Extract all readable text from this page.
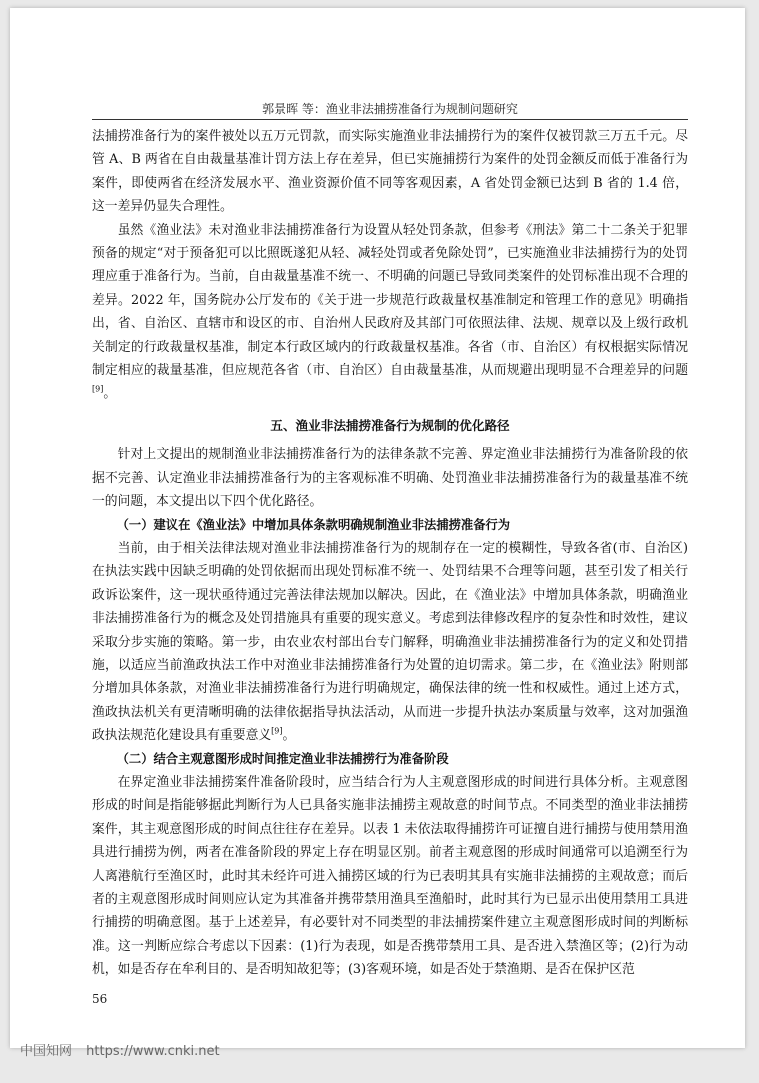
郭景晖 等：渔业非法捕捞准备行为规制问题研究

法捕捞准备行为的案件被处以五万元罚款，而实际实施渔业非法捕捞行为的案件仅被罚款三万五千元。尽管 A、B 两省在自由裁量基准计罚方法上存在差异，但已实施捕捞行为案件的处罚金额反而低于准备行为案件，即使两省在经济发展水平、渔业资源价值不同等客观因素，A 省处罚金额已达到 B 省的 1.4 倍，这一差异仍显失合理性。

虽然《渔业法》未对渔业非法捕捞准备行为设置从轻处罚条款，但参考《刑法》第二十二条关于犯罪预备的规定“对于预备犯可以比照既遂犯从轻、减轻处罚或者免除处罚”，已实施渔业非法捕捞行为的处罚理应重于准备行为。当前，自由裁量基准不统一、不明确的问题已导致同类案件的处罚标准出现不合理的差异。2022 年，国务院办公厅发布的《关于进一步规范行政裁量权基准制定和管理工作的意见》明确指出，省、自治区、直辖市和设区的市、自治州人民政府及其部门可依照法律、法规、规章以及上级行政机关制定的行政裁量权基准，制定本行政区域内的行政裁量权基准。各省（市、自治区）有权根据实际情况制定相应的裁量基准，但应规范各省（市、自治区）自由裁量基准，从而规避出现明显不合理差异的问题[9]。

五、渔业非法捕捞准备行为规制的优化路径

针对上文提出的规制渔业非法捕捞准备行为的法律条款不完善、界定渔业非法捕捞行为准备阶段的依据不完善、认定渔业非法捕捞准备行为的主客观标准不明确、处罚渔业非法捕捞准备行为的裁量基准不统一的问题，本文提出以下四个优化路径。

（一）建议在《渔业法》中增加具体条款明确规制渔业非法捕捞准备行为

当前，由于相关法律法规对渔业非法捕捞准备行为的规制存在一定的模糊性，导致各省(市、自治区)在执法实践中因缺乏明确的处罚依据而出现处罚标准不统一、处罚结果不合理等问题，甚至引发了相关行政诉讼案件，这一现状亟待通过完善法律法规加以解决。因此，在《渔业法》中增加具体条款，明确渔业非法捕捞准备行为的概念及处罚措施具有重要的现实意义。考虑到法律修改程序的复杂性和时效性，建议采取分步实施的策略。第一步，由农业农村部出台专门解释，明确渔业非法捕捞准备行为的定义和处罚措施，以适应当前渔政执法工作中对渔业非法捕捞准备行为处置的迫切需求。第二步，在《渔业法》附则部分增加具体条款，对渔业非法捕捞准备行为进行明确规定，确保法律的统一性和权威性。通过上述方式，渔政执法机关有更清晰明确的法律依据指导执法活动，从而进一步提升执法办案质量与效率，这对加强渔政执法规范化建设具有重要意义[9]。

（二）结合主观意图形成时间推定渔业非法捕捞行为准备阶段

在界定渔业非法捕捞案件准备阶段时，应当结合行为人主观意图形成的时间进行具体分析。主观意图形成的时间是指能够据此判断行为人已具备实施非法捕捞主观故意的时间节点。不同类型的渔业非法捕捞案件，其主观意图形成的时间点往往存在差异。以表 1 未依法取得捕捞许可证擅自进行捕捞与使用禁用渔具进行捕捞为例，两者在准备阶段的界定上存在明显区别。前者主观意图的形成时间通常可以追溯至行为人离港航行至渔区时，此时其未经许可进入捕捞区域的行为已表明其具有实施非法捕捞的主观故意；而后者的主观意图形成时间则应认定为其准备并携带禁用渔具至渔船时，此时其行为已显示出使用禁用工具进行捕捞的明确意图。基于上述差异，有必要针对不同类型的非法捕捞案件建立主观意图形成时间的判断标准。这一判断应综合考虑以下因素：(1)行为表现，如是否携带禁用工具、是否进入禁渔区等；(2)行为动机，如是否存在牟利目的、是否明知故犯等；(3)客观环境，如是否处于禁渔期、是否在保护区范

56
中国知网 https://www.cnki.net
